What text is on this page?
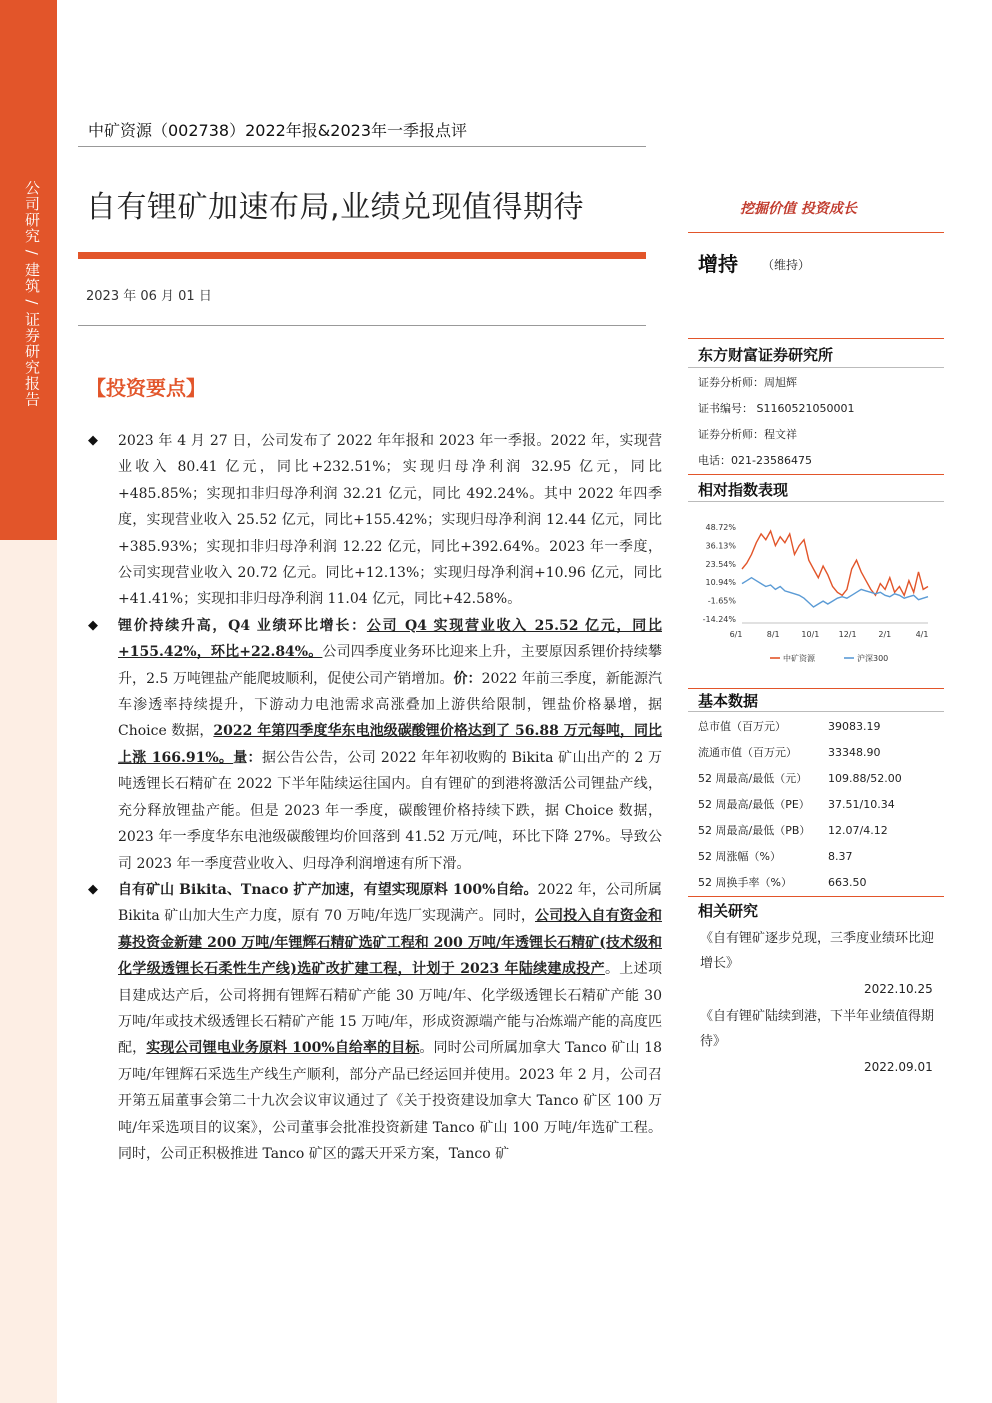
公司研究 / 建筑 / 证券研究报告
中矿资源（002738）2022年报&2023年一季报点评
自有锂矿加速布局,业绩兑现值得期待
2023 年 06 月 01 日
【投资要点】
◆ 2023 年 4 月 27 日，公司发布了 2022 年年报和 2023 年一季报。2022 年，实现营业收入 80.41 亿元，同比+232.51%；实现归母净利润 32.95 亿元，同比+485.85%；实现扣非归母净利润 32.21 亿元，同比 492.24%。其中 2022 年四季度，实现营业收入 25.52 亿元，同比+155.42%；实现归母净利润 12.44 亿元，同比+385.93%；实现扣非归母净利润 12.22 亿元，同比+392.64%。2023 年一季度，公司实现营业收入 20.72 亿元。同比+12.13%；实现归母净利润+10.96 亿元，同比+41.41%；实现扣非归母净利润 11.04 亿元，同比+42.58%。
◆ 锂价持续升高，Q4 业绩环比增长：公司 Q4 实现营业收入 25.52 亿元，同比+155.42%，环比+22.84%。公司四季度业务环比迎来上升，主要原因系锂价持续攀升，2.5 万吨锂盐产能爬坡顺利，促使公司产销增加。价：2022 年前三季度，新能源汽车渗透率持续提升，下游动力电池需求高涨叠加上游供给限制，锂盐价格暴增，据 Choice 数据，2022 年第四季度华东电池级碳酸锂价格达到了 56.88 万元每吨，同比上涨 166.91%。量：据公告公告，公司 2022 年年初收购的 Bikita 矿山出产的 2 万吨透锂长石精矿在 2022 下半年陆续运往国内。自有锂矿的到港将激活公司锂盐产线，充分释放锂盐产能。但是 2023 年一季度，碳酸锂价格持续下跌，据 Choice 数据，2023 年一季度华东电池级碳酸锂均价回落到 41.52 万元/吨，环比下降 27%。导致公司 2023 年一季度营业收入、归母净利润增速有所下滑。
◆ 自有矿山 Bikita、Tnaco 扩产加速，有望实现原料 100%自给。2022 年，公司所属 Bikita 矿山加大生产力度，原有 70 万吨/年选厂实现满产。同时，公司投入自有资金和募投资金新建 200 万吨/年锂辉石精矿选矿工程和 200 万吨/年透锂长石精矿(技术级和化学级透锂长石柔性生产线)选矿改扩建工程，计划于 2023 年陆续建成投产。上述项目建成达产后，公司将拥有锂辉石精矿产能 30 万吨/年、化学级透锂长石精矿产能 30 万吨/年或技术级透锂长石精矿产能 15 万吨/年，形成资源端产能与冶炼端产能的高度匹配，实现公司锂电业务原料 100%自给率的目标。同时公司所属加拿大 Tanco 矿山 18 万吨/年锂辉石采选生产线生产顺利，部分产品已经运回并使用。2023 年 2 月，公司召开第五届董事会第二十九次会议审议通过了《关于投资建设加拿大 Tanco 矿区 100 万吨/年采选项目的议案》，公司董事会批准投资新建 Tanco 矿山 100 万吨/年选矿工程。同时，公司正积极推进 Tanco 矿区的露天开采方案，Tanco 矿
挖掘价值 投资成长
增持 （维持）
东方财富证券研究所
证券分析师：周旭辉
证书编号： S1160521050001
证券分析师：程文祥
电话：021-23586475
相对指数表现
48.72%
36.13%
23.54%
10.94%
-1.65%
-14.24%
6/1	8/1	10/1 12/1	2/1	4/1
中矿资源	沪深300
基本数据
总市值（百万元）	39083.19
流通市值（百万元）	33348.90
52 周最高/最低（元）	109.88/52.00
52 周最高/最低（PE）	37.51/10.34
52 周最高/最低（PB）	12.07/4.12
52 周涨幅（%）	8.37
52 周换手率（%）	663.50
相关研究
《自有锂矿逐步兑现，三季度业绩环比迎增长》
2022.10.25
《自有锂矿陆续到港，下半年业绩值得期待》
2022.09.01
